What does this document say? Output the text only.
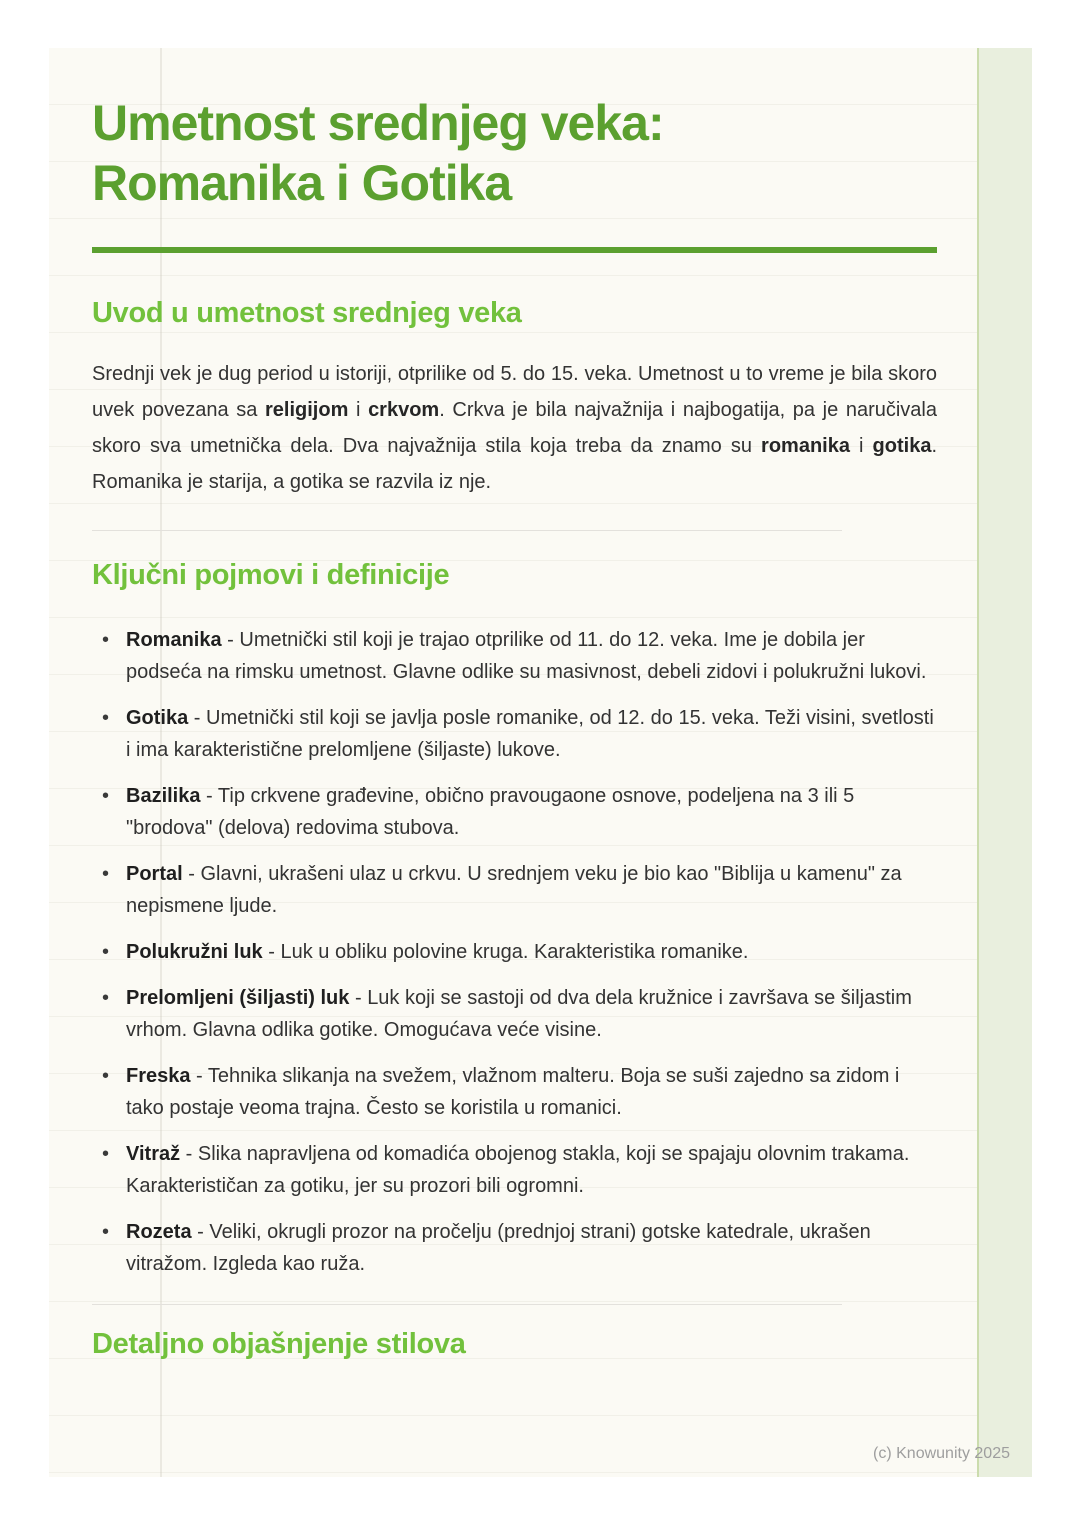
Umetnost srednjeg veka:
Romanika i Gotika
Uvod u umetnost srednjeg veka

Srednji vek je dug period u istoriji, otprilike od 5. do 15. veka. Umetnost u to vreme je bila skoro uvek povezana sa religijom i crkvom. Crkva je bila najvažnija i najbogatija, pa je naručivala skoro sva umetnička dela. Dva najvažnija stila koja treba da znamo su romanika i gotika. Romanika je starija, a gotika se razvila iz nje.

Ključni pojmovi i definicije
• Romanika - Umetnički stil koji je trajao otprilike od 11. do 12. veka. Ime je dobila jer podseća na rimsku umetnost. Glavne odlike su masivnost, debeli zidovi i polukružni lukovi.
• Gotika - Umetnički stil koji se javlja posle romanike, od 12. do 15. veka. Teži visini, svetlosti i ima karakteristične prelomljene (šiljaste) lukove.
• Bazilika - Tip crkvene građevine, obično pravougaone osnove, podeljena na 3 ili 5 "brodova" (delova) redovima stubova.
• Portal - Glavni, ukrašeni ulaz u crkvu. U srednjem veku je bio kao "Biblija u kamenu" za nepismene ljude.
• Polukružni luk - Luk u obliku polovine kruga. Karakteristika romanike.
• Prelomljeni (šiljasti) luk - Luk koji se sastoji od dva dela kružnice i završava se šiljastim vrhom. Glavna odlika gotike. Omogućava veće visine.
• Freska - Tehnika slikanja na svežem, vlažnom malteru. Boja se suši zajedno sa zidom i tako postaje veoma trajna. Često se koristila u romanici.
• Vitraž - Slika napravljena od komadića obojenog stakla, koji se spajaju olovnim trakama. Karakterističan za gotiku, jer su prozori bili ogromni.
• Rozeta - Veliki, okrugli prozor na pročelju (prednjoj strani) gotske katedrale, ukrašen vitražom. Izgleda kao ruža.
Detaljno objašnjenje stilova
(c) Knowunity 2025
